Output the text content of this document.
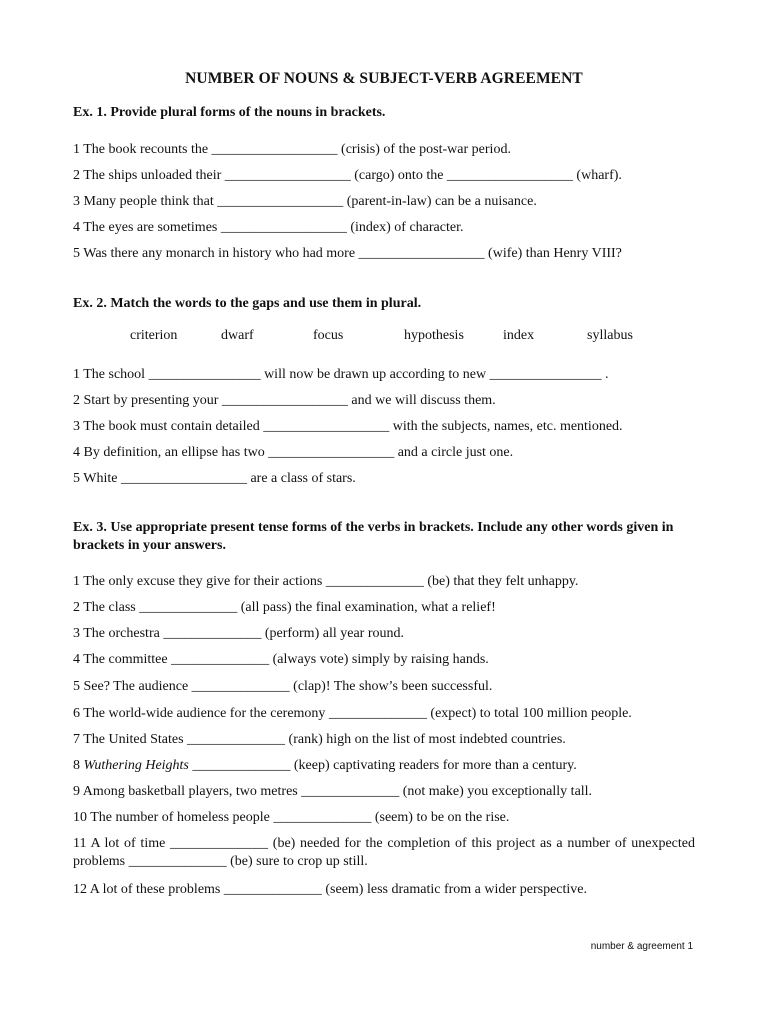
NUMBER OF NOUNS & SUBJECT-VERB AGREEMENT
Ex. 1. Provide plural forms of the nouns in brackets.
1 The book recounts the __________________ (crisis) of the post-war period.
2 The ships unloaded their __________________ (cargo) onto the __________________ (wharf).
3 Many people think that __________________ (parent-in-law) can be a nuisance.
4 The eyes are sometimes __________________ (index) of character.
5 Was there any monarch in history who had more __________________ (wife) than Henry VIII?
Ex. 2. Match the words to the gaps and use them in plural.
criterion	dwarf	focus	hypothesis	index	syllabus
1 The school ________________ will now be drawn up according to new ________________ .
2 Start by presenting your __________________ and we will discuss them.
3 The book must contain detailed __________________ with the subjects, names, etc. mentioned.
4 By definition, an ellipse has two __________________ and a circle just one.
5 White __________________ are a class of stars.
Ex. 3. Use appropriate present tense forms of the verbs in brackets. Include any other words given in brackets in your answers.
1 The only excuse they give for their actions ______________ (be) that they felt unhappy.
2 The class ______________ (all pass) the final examination, what a relief!
3 The orchestra ______________ (perform) all year round.
4 The committee ______________ (always vote) simply by raising hands.
5 See? The audience ______________ (clap)! The show’s been successful.
6 The world-wide audience for the ceremony ______________ (expect) to total 100 million people.
7 The United States ______________ (rank) high on the list of most indebted countries.
8 Wuthering Heights ______________ (keep) captivating readers for more than a century.
9 Among basketball players, two metres ______________ (not make) you exceptionally tall.
10 The number of homeless people ______________ (seem) to be on the rise.
11 A lot of time ______________ (be) needed for the completion of this project as a number of unexpected problems ______________ (be) sure to crop up still.
12 A lot of these problems ______________ (seem) less dramatic from a wider perspective.
number & agreement 1
